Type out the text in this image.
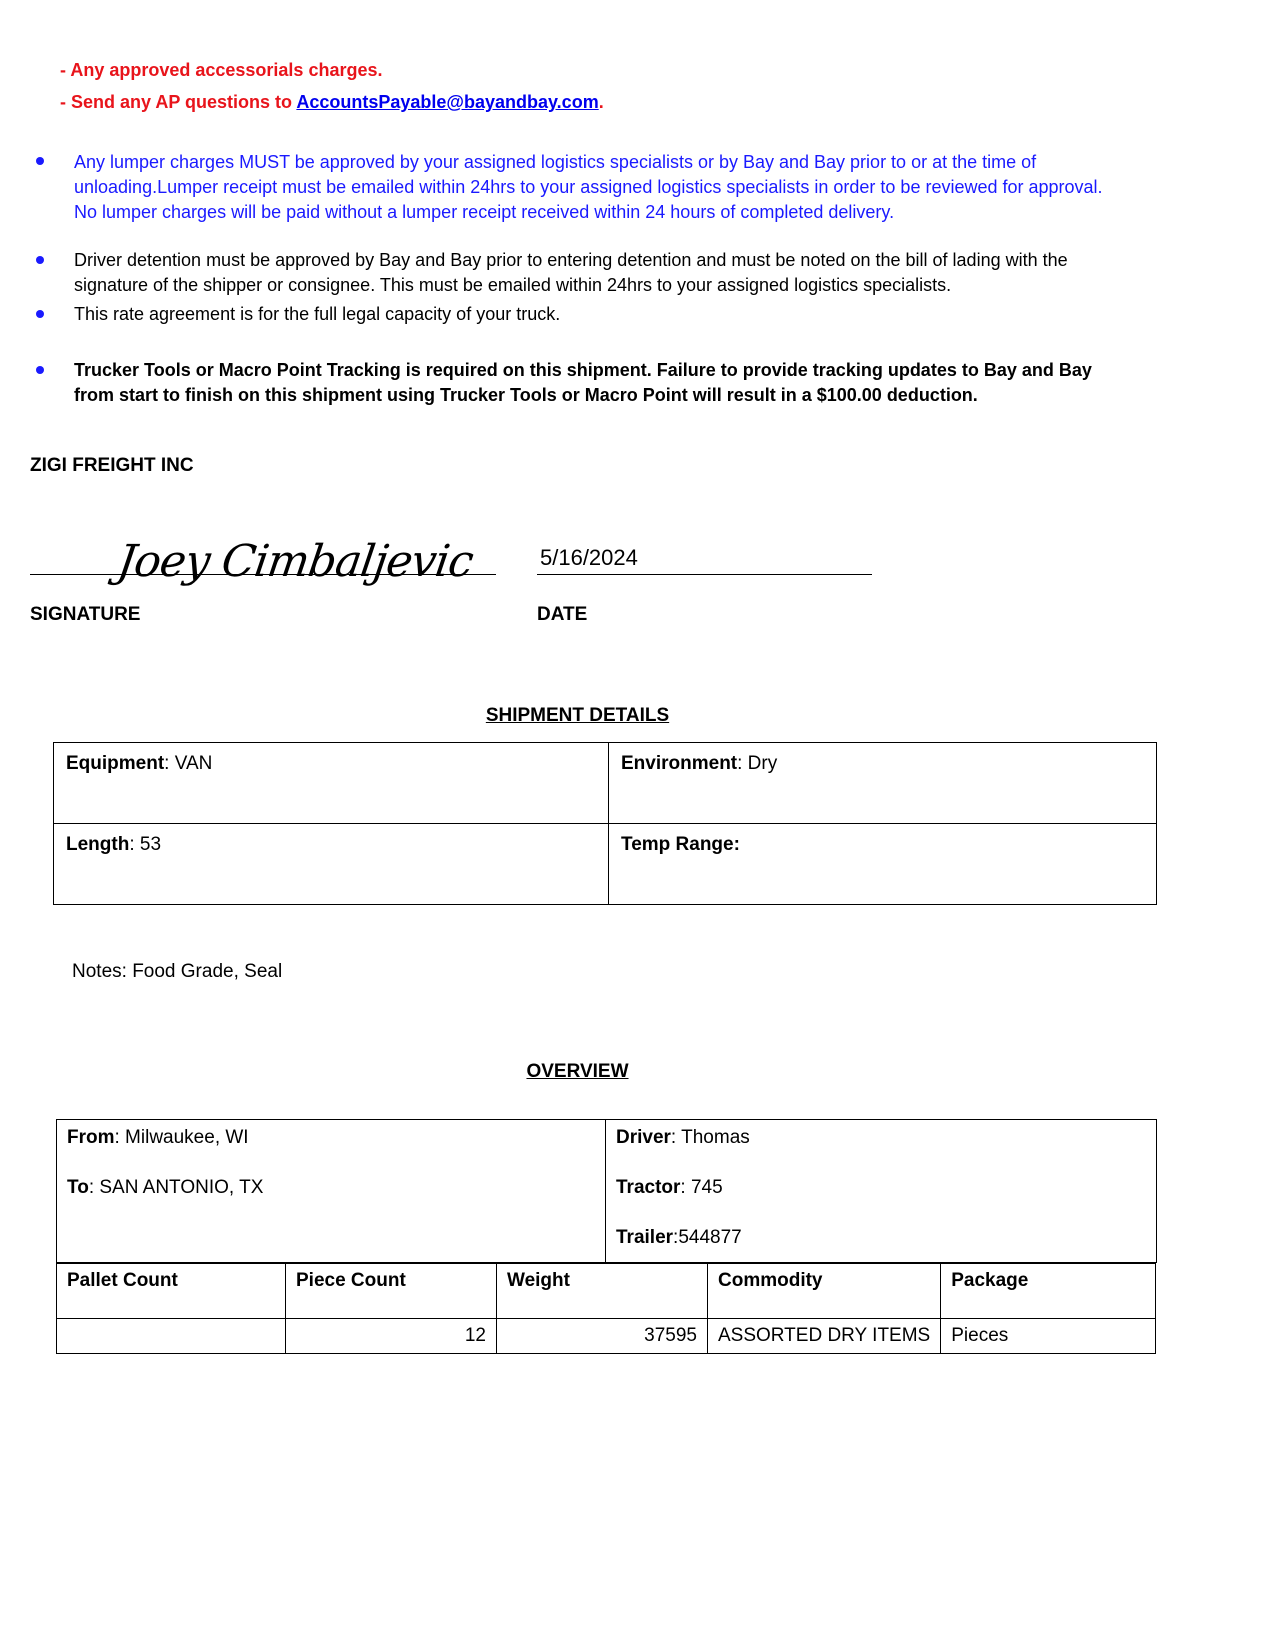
- Any approved accessorials charges.
- Send any AP questions to AccountsPayable@bayandbay.com.
Any lumper charges MUST be approved by your assigned logistics specialists or by Bay and Bay prior to or at the time of unloading.Lumper receipt must be emailed within 24hrs to your assigned logistics specialists in order to be reviewed for approval. No lumper charges will be paid without a lumper receipt received within 24 hours of completed delivery.
Driver detention must be approved by Bay and Bay prior to entering detention and must be noted on the bill of lading with the signature of the shipper or consignee. This must be emailed within 24hrs to your assigned logistics specialists.
This rate agreement is for the full legal capacity of your truck.
Trucker Tools or Macro Point Tracking is required on this shipment. Failure to provide tracking updates to Bay and Bay from start to finish on this shipment using Trucker Tools or Macro Point will result in a $100.00 deduction.
ZIGI FREIGHT INC
Joey Cimbaljevic
SIGNATURE
5/16/2024
DATE
SHIPMENT DETAILS
Equipment: VAN	Environment: Dry
Length: 53	Temp Range:
Notes: Food Grade, Seal
OVERVIEW
From: Milwaukee, WI
To: SAN ANTONIO, TX

Driver: Thomas
Tractor: 745
Trailer:544877
Pallet Count	Piece Count	Weight	Commodity	Package
	12	37595	ASSORTED DRY ITEMS	Pieces
